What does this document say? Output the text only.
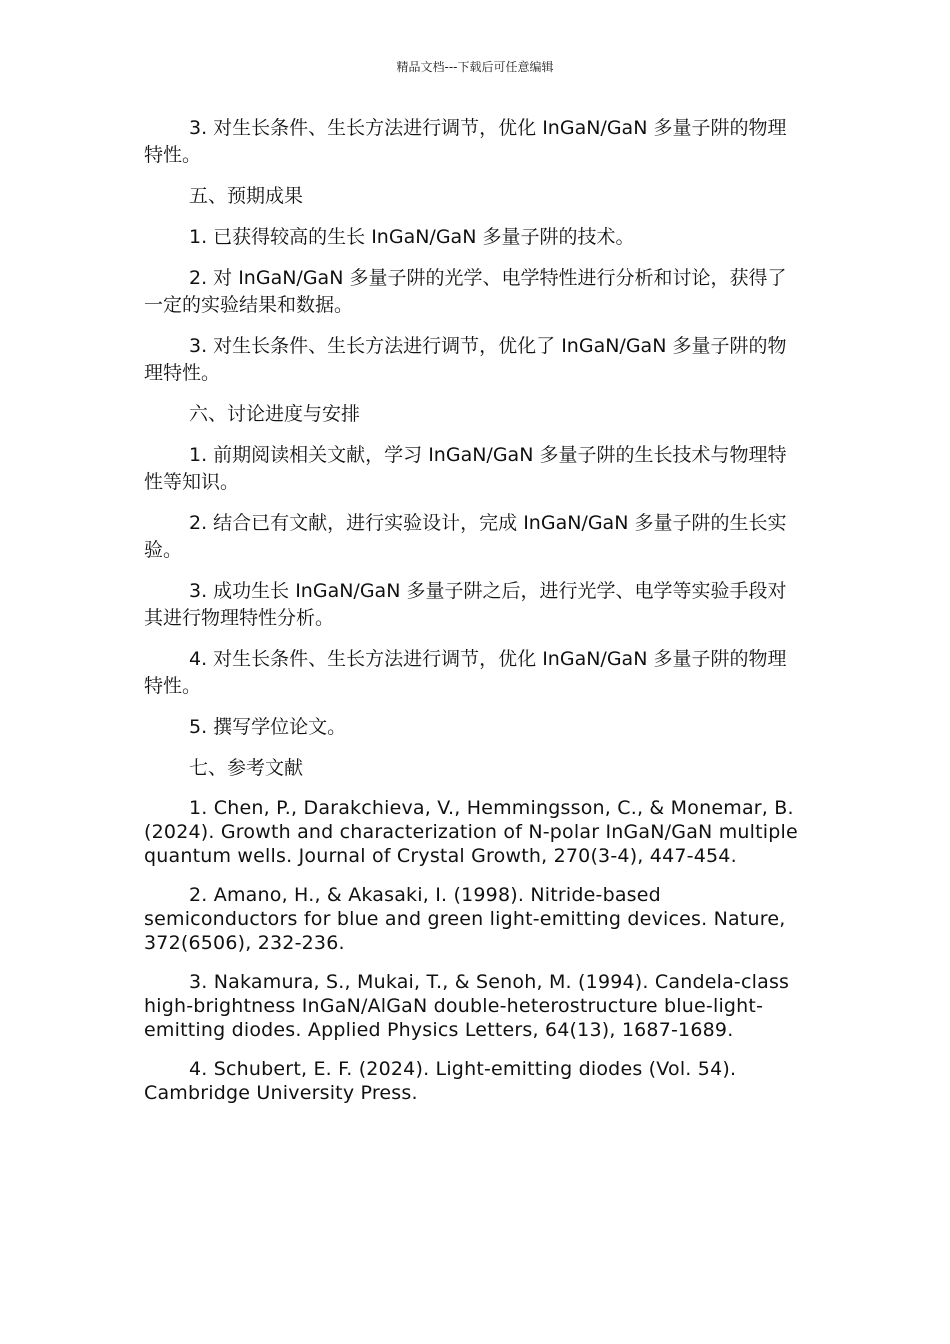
精品文档---下载后可任意编辑

3. 对生长条件、生长方法进行调节，优化 InGaN/GaN 多量子阱的物理特性。

五、预期成果

1. 已获得较高的生长 InGaN/GaN 多量子阱的技术。

2. 对 InGaN/GaN 多量子阱的光学、电学特性进行分析和讨论，获得了一定的实验结果和数据。

3. 对生长条件、生长方法进行调节，优化了 InGaN/GaN 多量子阱的物理特性。

六、讨论进度与安排

1. 前期阅读相关文献，学习 InGaN/GaN 多量子阱的生长技术与物理特性等知识。

2. 结合已有文献，进行实验设计，完成 InGaN/GaN 多量子阱的生长实验。

3. 成功生长 InGaN/GaN 多量子阱之后，进行光学、电学等实验手段对其进行物理特性分析。

4. 对生长条件、生长方法进行调节，优化 InGaN/GaN 多量子阱的物理特性。

5. 撰写学位论文。

七、参考文献

1. Chen, P., Darakchieva, V., Hemmingsson, C., & Monemar, B. (2024). Growth and characterization of N-polar InGaN/GaN multiple quantum wells. Journal of Crystal Growth, 270(3-4), 447-454.

2. Amano, H., & Akasaki, I. (1998). Nitride-based semiconductors for blue and green light-emitting devices. Nature, 372(6506), 232-236.

3. Nakamura, S., Mukai, T., & Senoh, M. (1994). Candela-class high-brightness InGaN/AlGaN double-heterostructure blue-light-emitting diodes. Applied Physics Letters, 64(13), 1687-1689.

4. Schubert, E. F. (2024). Light-emitting diodes (Vol. 54). Cambridge University Press.
